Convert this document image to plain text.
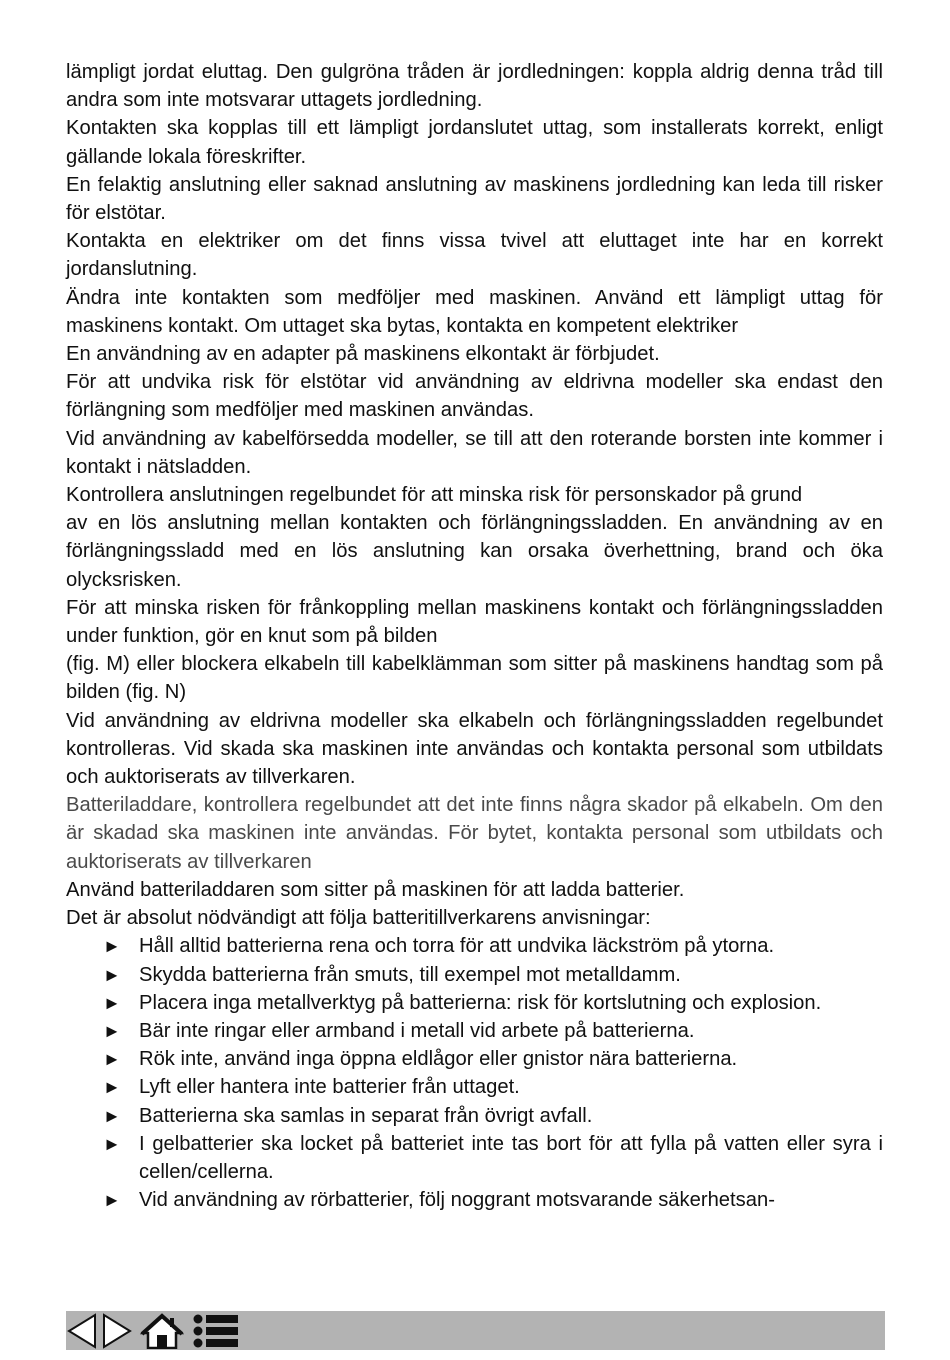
lämpligt jordat eluttag. Den gulgröna tråden är jordledningen: koppla aldrig denna tråd till andra som inte motsvarar uttagets jordledning.

Kontakten ska kopplas till ett lämpligt jordanslutet uttag, som installerats korrekt, enligt gällande lokala föreskrifter.

En felaktig anslutning eller saknad anslutning av maskinens jordledning kan leda till risker för elstötar.

Kontakta en elektriker om det finns vissa tvivel att eluttaget inte har en korrekt jordanslutning.

Ändra inte kontakten som medföljer med maskinen. Använd ett lämpligt uttag för maskinens kontakt. Om uttaget ska bytas, kontakta en kompetent elektriker

En användning av en adapter på maskinens elkontakt är förbjudet.

För att undvika risk för elstötar vid användning av eldrivna modeller ska endast den förlängning som medföljer med maskinen användas.

Vid användning av kabelförsedda modeller, se till att den roterande borsten inte kommer i kontakt i nätsladden.

Kontrollera anslutningen regelbundet för att minska risk för personskador på grund

av en lös anslutning mellan kontakten och förlängningssladden. En användning av en förlängningssladd med en lös anslutning kan orsaka överhettning, brand och öka olycksrisken.

För att minska risken för frånkoppling mellan maskinens kontakt och förlängningssladden under funktion, gör en knut som på bilden

(fig. M) eller blockera elkabeln till kabelklämman som sitter på maskinens handtag som på bilden (fig. N)

Vid användning av eldrivna modeller ska elkabeln och förlängningssladden regelbundet kontrolleras. Vid skada ska maskinen inte användas och kontakta personal som utbildats och auktoriserats av tillverkaren.

Batteriladdare, kontrollera regelbundet att det inte finns några skador på elkabeln. Om den är skadad ska maskinen inte användas. För bytet, kontakta personal som utbildats och auktoriserats av tillverkaren

Använd batteriladdaren som sitter på maskinen för att ladda batterier.

Det är absolut nödvändigt att följa batteritillverkarens anvisningar:

► Håll alltid batterierna rena och torra för att undvika läckström på ytorna.
► Skydda batterierna från smuts, till exempel mot metalldamm.
► Placera inga metallverktyg på batterierna: risk för kortslutning och explosion.
► Bär inte ringar eller armband i metall vid arbete på batterierna.
► Rök inte, använd inga öppna eldlågor eller gnistor nära batterierna.
► Lyft eller hantera inte batterier från uttaget.
► Batterierna ska samlas in separat från övrigt avfall.
► I gelbatterier ska locket på batteriet inte tas bort för att fylla på vatten eller syra i cellen/cellerna.
► Vid användning av rörbatterier, följ noggrant motsvarande säkerhetsan-
